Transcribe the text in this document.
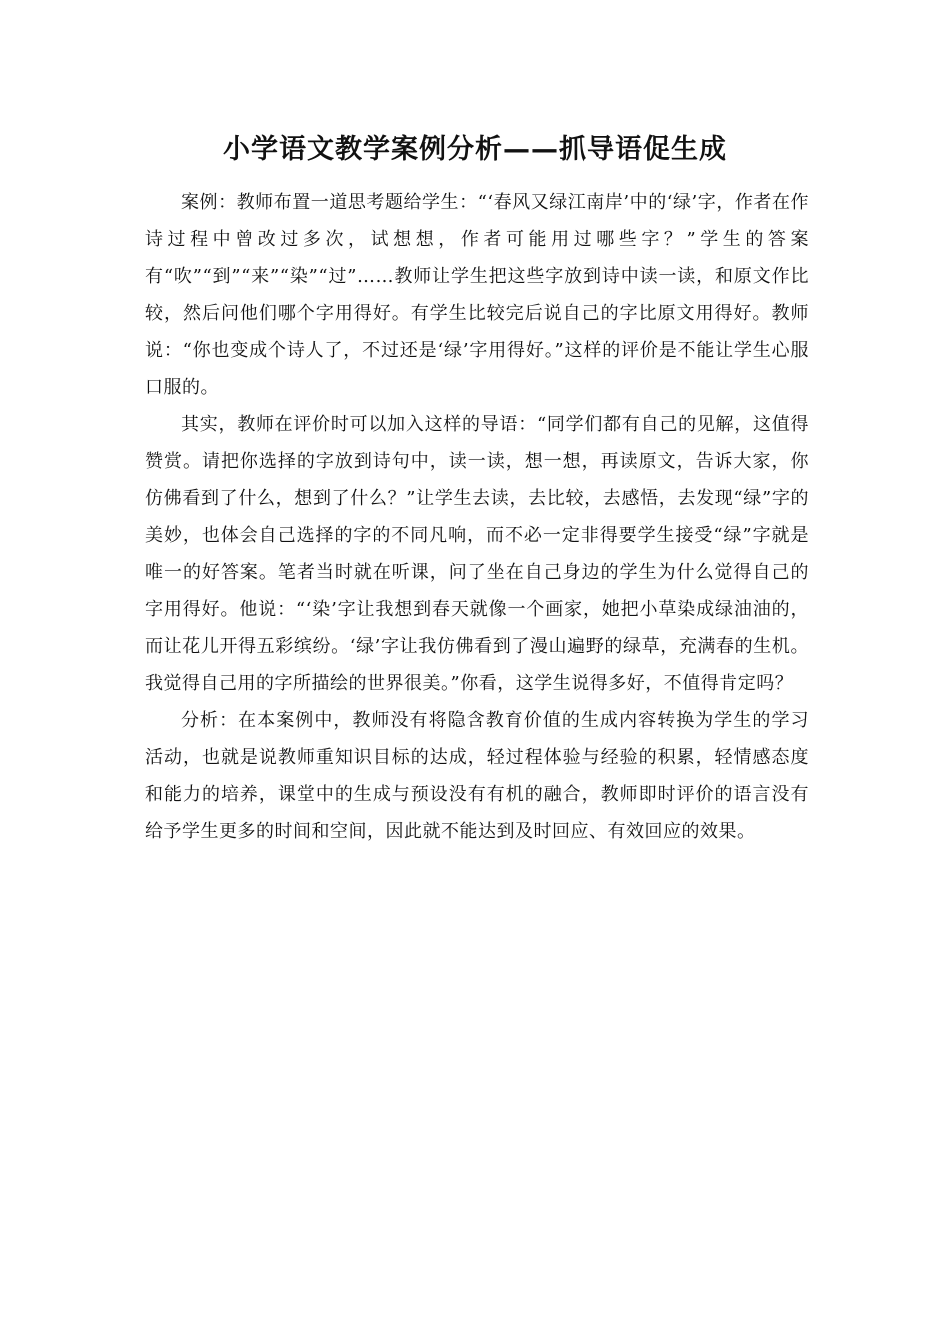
小学语文教学案例分析——抓导语促生成

案例：教师布置一道思考题给学生：“‘春风又绿江南岸’中的‘绿’字，作者在作诗过程中曾改过多次，试想想，作者可能用过哪些字？”学生的答案有“吹”“到”“来”“染”“过”……教师让学生把这些字放到诗中读一读，和原文作比较，然后问他们哪个字用得好。有学生比较完后说自己的字比原文用得好。教师说：“你也变成个诗人了，不过还是‘绿’字用得好。”这样的评价是不能让学生心服口服的。

其实，教师在评价时可以加入这样的导语：“同学们都有自己的见解，这值得赞赏。请把你选择的字放到诗句中，读一读，想一想，再读原文，告诉大家，你仿佛看到了什么，想到了什么？”让学生去读，去比较，去感悟，去发现“绿”字的美妙，也体会自己选择的字的不同凡响，而不必一定非得要学生接受“绿”字就是唯一的好答案。笔者当时就在听课，问了坐在自己身边的学生为什么觉得自己的字用得好。他说：“‘染’字让我想到春天就像一个画家，她把小草染成绿油油的，而让花儿开得五彩缤纷。‘绿’字让我仿佛看到了漫山遍野的绿草，充满春的生机。我觉得自己用的字所描绘的世界很美。”你看，这学生说得多好，不值得肯定吗？

分析：在本案例中，教师没有将隐含教育价值的生成内容转换为学生的学习活动，也就是说教师重知识目标的达成，轻过程体验与经验的积累，轻情感态度和能力的培养，课堂中的生成与预设没有有机的融合，教师即时评价的语言没有给予学生更多的时间和空间，因此就不能达到及时回应、有效回应的效果。
